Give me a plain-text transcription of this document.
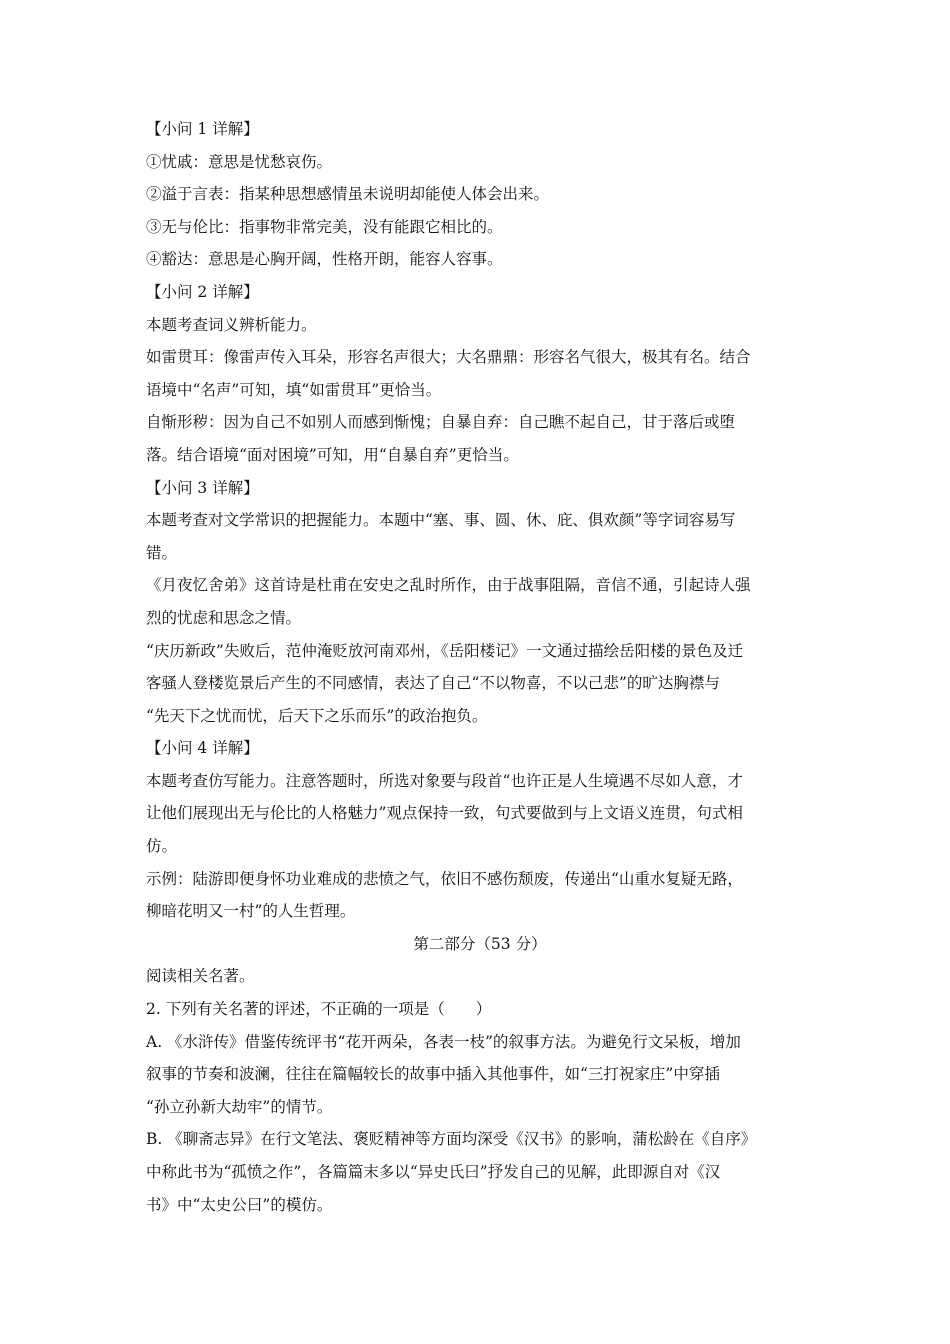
【小问 1 详解】

①忧戚：意思是忧愁哀伤。

②溢于言表：指某种思想感情虽未说明却能使人体会出来。

③无与伦比：指事物非常完美，没有能跟它相比的。

④豁达：意思是心胸开阔，性格开朗，能容人容事。

【小问 2 详解】

本题考查词义辨析能力。

如雷贯耳：像雷声传入耳朵，形容名声很大；大名鼎鼎：形容名气很大，极其有名。结合

语境中“名声”可知，填“如雷贯耳”更恰当。

自惭形秽：因为自己不如别人而感到惭愧；自暴自弃：自己瞧不起自己，甘于落后或堕

落。结合语境“面对困境”可知，用“自暴自弃”更恰当。

【小问 3 详解】

本题考查对文学常识的把握能力。本题中“塞、事、圆、休、庇、俱欢颜”等字词容易写

错。

《月夜忆舍弟》这首诗是杜甫在安史之乱时所作，由于战事阻隔，音信不通，引起诗人强

烈的忧虑和思念之情。

“庆历新政”失败后，范仲淹贬放河南邓州，《岳阳楼记》一文通过描绘岳阳楼的景色及迁

客骚人登楼览景后产生的不同感情，表达了自己“不以物喜，不以己悲”的旷达胸襟与

“先天下之忧而忧，后天下之乐而乐”的政治抱负。

【小问 4 详解】

本题考查仿写能力。注意答题时，所选对象要与段首“也许正是人生境遇不尽如人意，才

让他们展现出无与伦比的人格魅力”观点保持一致，句式要做到与上文语义连贯，句式相

仿。

示例：陆游即便身怀功业难成的悲愤之气，依旧不感伤颓废，传递出“山重水复疑无路，

柳暗花明又一村”的人生哲理。

第二部分（53 分）

阅读相关名著。

2. 下列有关名著的评述，不正确的一项是（　　）

A. 《水浒传》借鉴传统评书“花开两朵，各表一枝”的叙事方法。为避免行文呆板，增加

叙事的节奏和波澜，往往在篇幅较长的故事中插入其他事件，如“三打祝家庄”中穿插

“孙立孙新大劫牢”的情节。

B. 《聊斋志异》在行文笔法、褒贬精神等方面均深受《汉书》的影响，蒲松龄在《自序》

中称此书为“孤愤之作”，各篇篇末多以“异史氏曰”抒发自己的见解，此即源自对《汉

书》中“太史公曰”的模仿。
